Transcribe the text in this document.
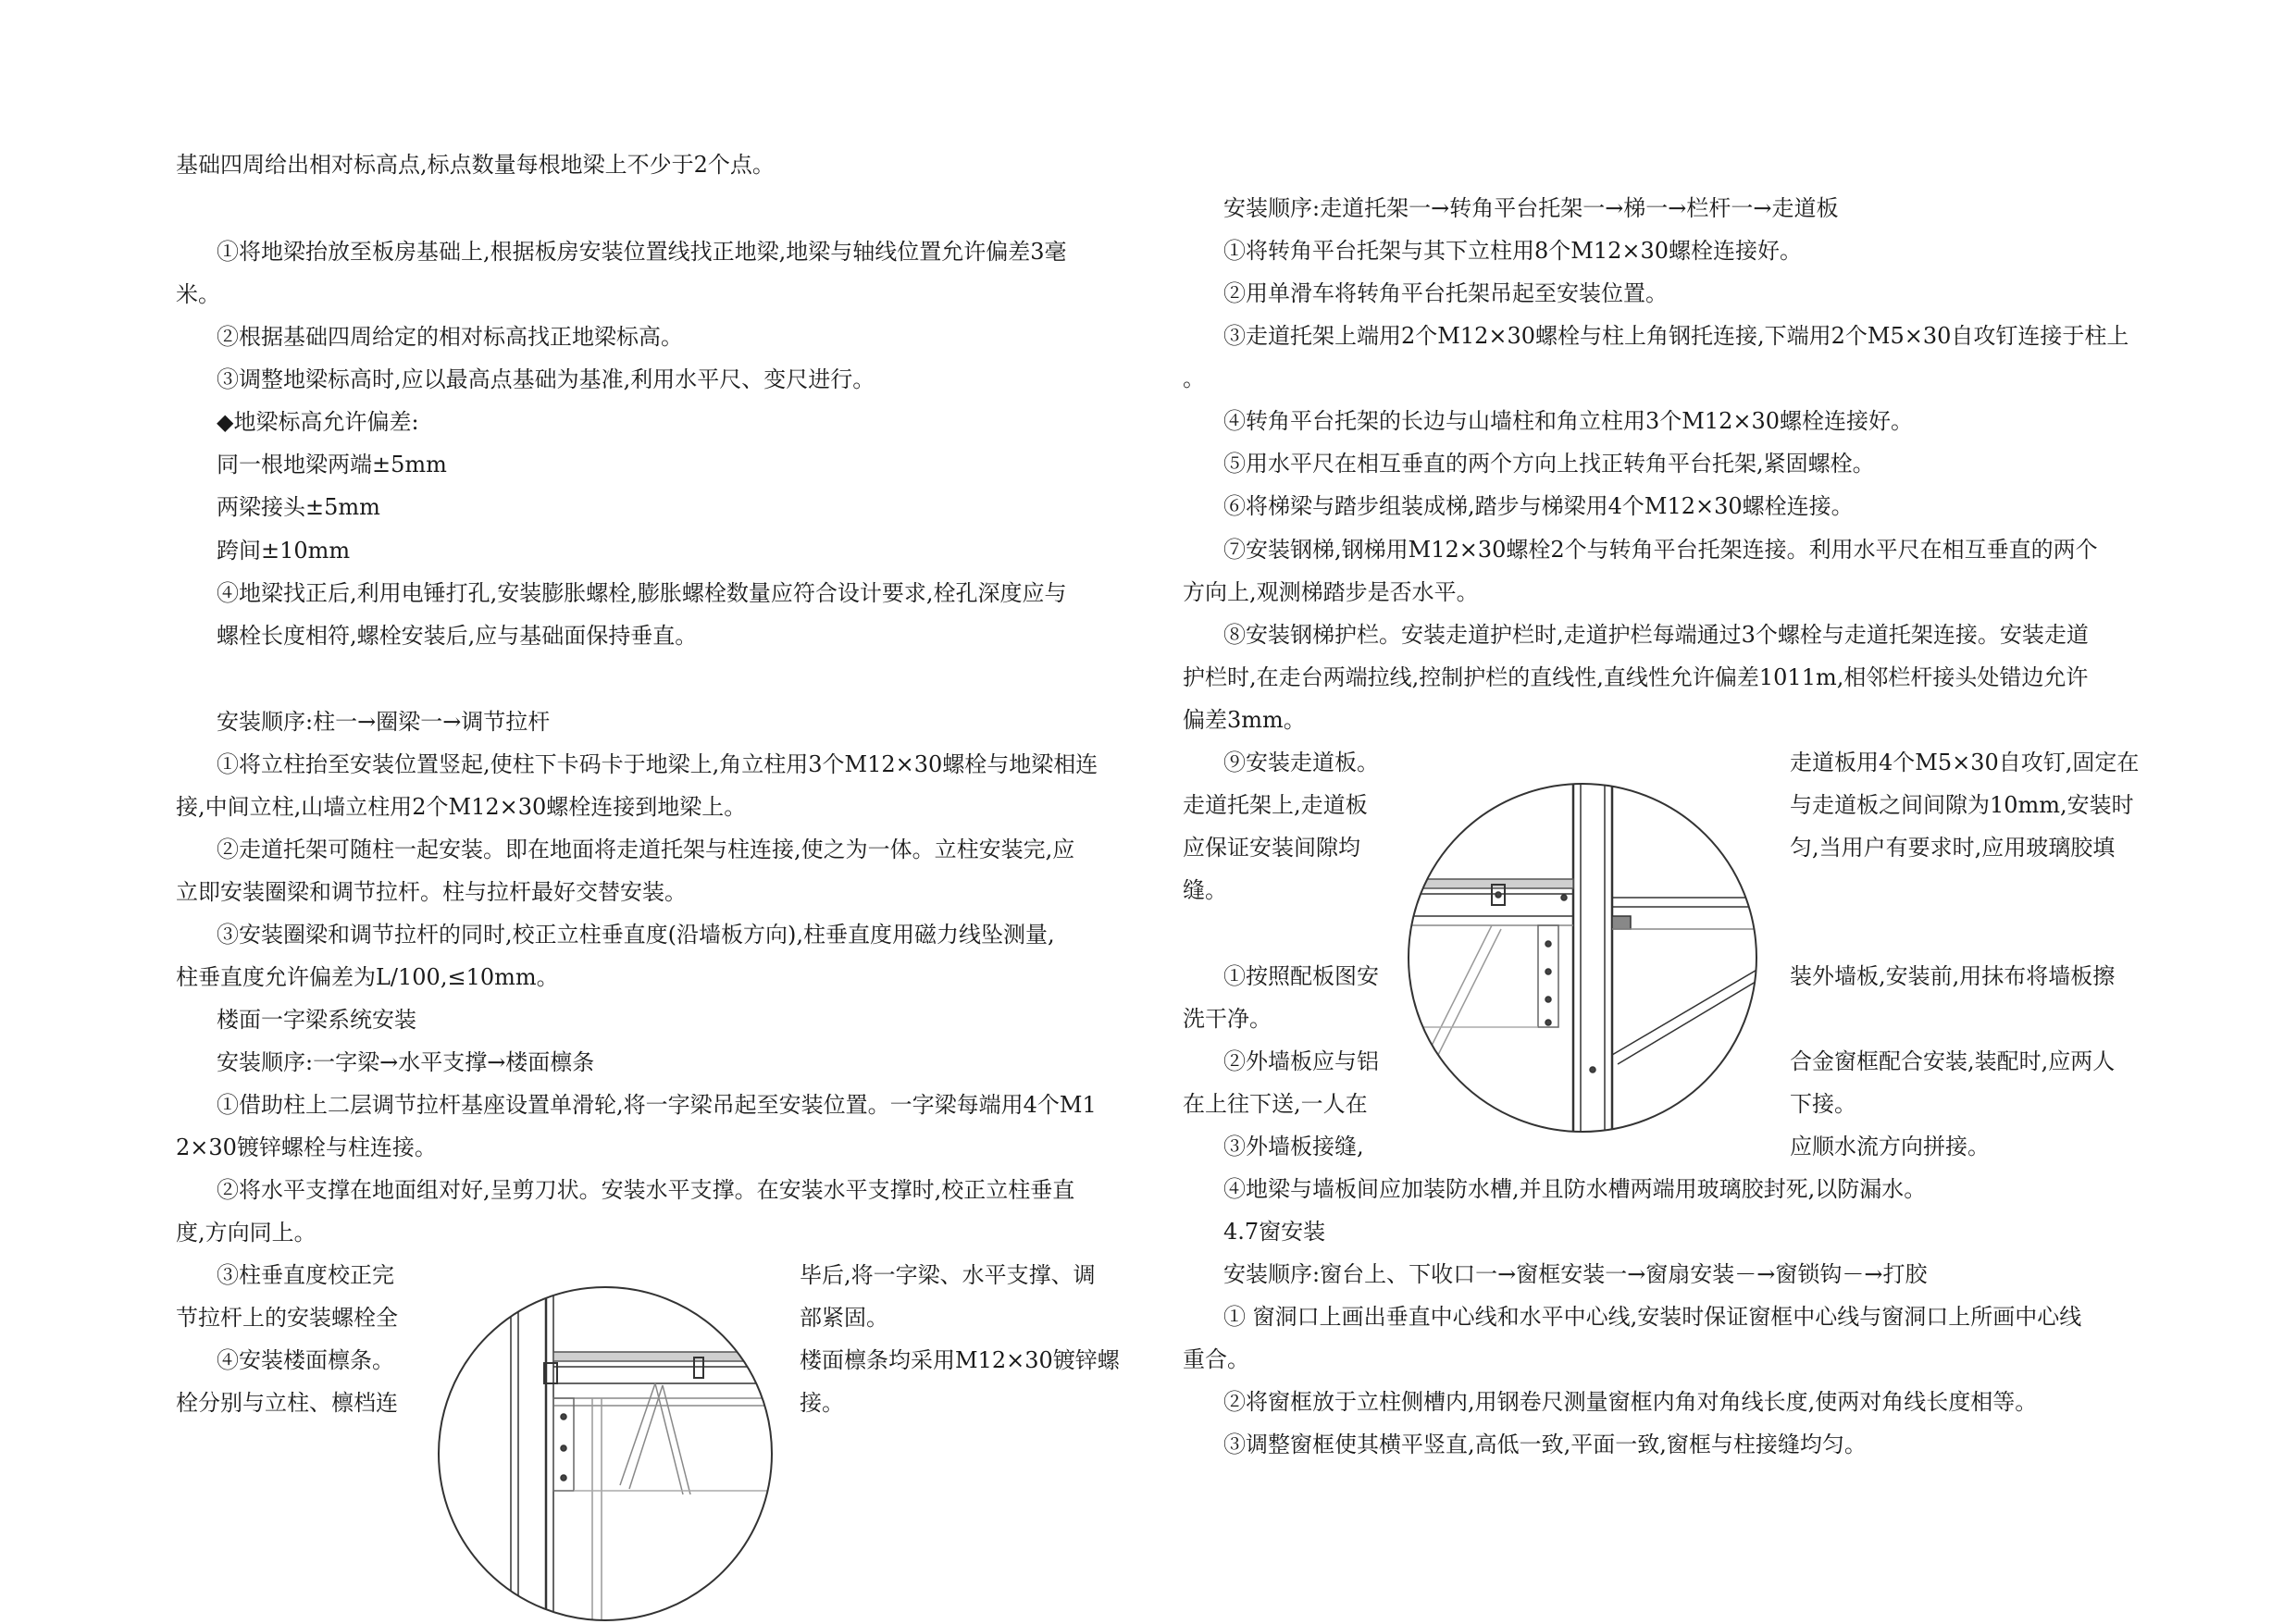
基础四周给出相对标高点,标点数量每根地梁上不少于2个点。
①将地梁抬放至板房基础上,根据板房安装位置线找正地梁,地梁与轴线位置允许偏差3毫
米。
②根据基础四周给定的相对标高找正地梁标高。
③调整地梁标高时,应以最高点基础为基准,利用水平尺、变尺进行。
◆地梁标高允许偏差:
同一根地梁两端±5mm
两梁接头±5mm
跨间±10mm
④地梁找正后,利用电锤打孔,安装膨胀螺栓,膨胀螺栓数量应符合设计要求,栓孔深度应与
螺栓长度相符,螺栓安装后,应与基础面保持垂直。
安装顺序:柱一→圈梁一→调节拉杆
①将立柱抬至安装位置竖起,使柱下卡码卡于地梁上,角立柱用3个M12×30螺栓与地梁相连
接,中间立柱,山墙立柱用2个M12×30螺栓连接到地梁上。
②走道托架可随柱一起安装。即在地面将走道托架与柱连接,使之为一体。立柱安装完,应
立即安装圈梁和调节拉杆。柱与拉杆最好交替安装。
③安装圈梁和调节拉杆的同时,校正立柱垂直度(沿墙板方向),柱垂直度用磁力线坠测量,
柱垂直度允许偏差为L/100,≤10mm。
楼面一字梁系统安装
安装顺序:一字梁→水平支撑→楼面檩条
①借助柱上二层调节拉杆基座设置单滑轮,将一字梁吊起至安装位置。一字梁每端用4个M1
2×30镀锌螺栓与柱连接。
②将水平支撑在地面组对好,呈剪刀状。安装水平支撑。在安装水平支撑时,校正立柱垂直
度,方向同上。
③柱垂直度校正完	毕后,将一字梁、水平支撑、调
节拉杆上的安装螺栓全	部紧固。
④安装楼面檩条。	楼面檩条均采用M12×30镀锌螺
栓分别与立柱、檩档连	接。
安装顺序:走道托架一→转角平台托架一→梯一→栏杆一→走道板
①将转角平台托架与其下立柱用8个M12×30螺栓连接好。
②用单滑车将转角平台托架吊起至安装位置。
③走道托架上端用2个M12×30螺栓与柱上角钢托连接,下端用2个M5×30自攻钉连接于柱上
。
④转角平台托架的长边与山墙柱和角立柱用3个M12×30螺栓连接好。
⑤用水平尺在相互垂直的两个方向上找正转角平台托架,紧固螺栓。
⑥将梯梁与踏步组装成梯,踏步与梯梁用4个M12×30螺栓连接。
⑦安装钢梯,钢梯用M12×30螺栓2个与转角平台托架连接。利用水平尺在相互垂直的两个
方向上,观测梯踏步是否水平。
⑧安装钢梯护栏。安装走道护栏时,走道护栏每端通过3个螺栓与走道托架连接。安装走道
护栏时,在走台两端拉线,控制护栏的直线性,直线性允许偏差1011m,相邻栏杆接头处错边允许
偏差3mm。
⑨安装走道板。	走道板用4个M5×30自攻钉,固定在
走道托架上,走道板	与走道板之间间隙为10mm,安装时
应保证安装间隙均	匀,当用户有要求时,应用玻璃胶填
缝。
①按照配板图安	装外墙板,安装前,用抹布将墙板擦
洗干净。
②外墙板应与铝	合金窗框配合安装,装配时,应两人
在上往下送,一人在	下接。
③外墙板接缝,	应顺水流方向拼接。
④地梁与墙板间应加装防水槽,并且防水槽两端用玻璃胶封死,以防漏水。
4.7窗安装
安装顺序:窗台上、下收口一→窗框安装一→窗扇安装－→窗锁钩－→打胶
① 窗洞口上画出垂直中心线和水平中心线,安装时保证窗框中心线与窗洞口上所画中心线
重合。
②将窗框放于立柱侧槽内,用钢卷尺测量窗框内角对角线长度,使两对角线长度相等。
③调整窗框使其横平竖直,高低一致,平面一致,窗框与柱接缝均匀。
